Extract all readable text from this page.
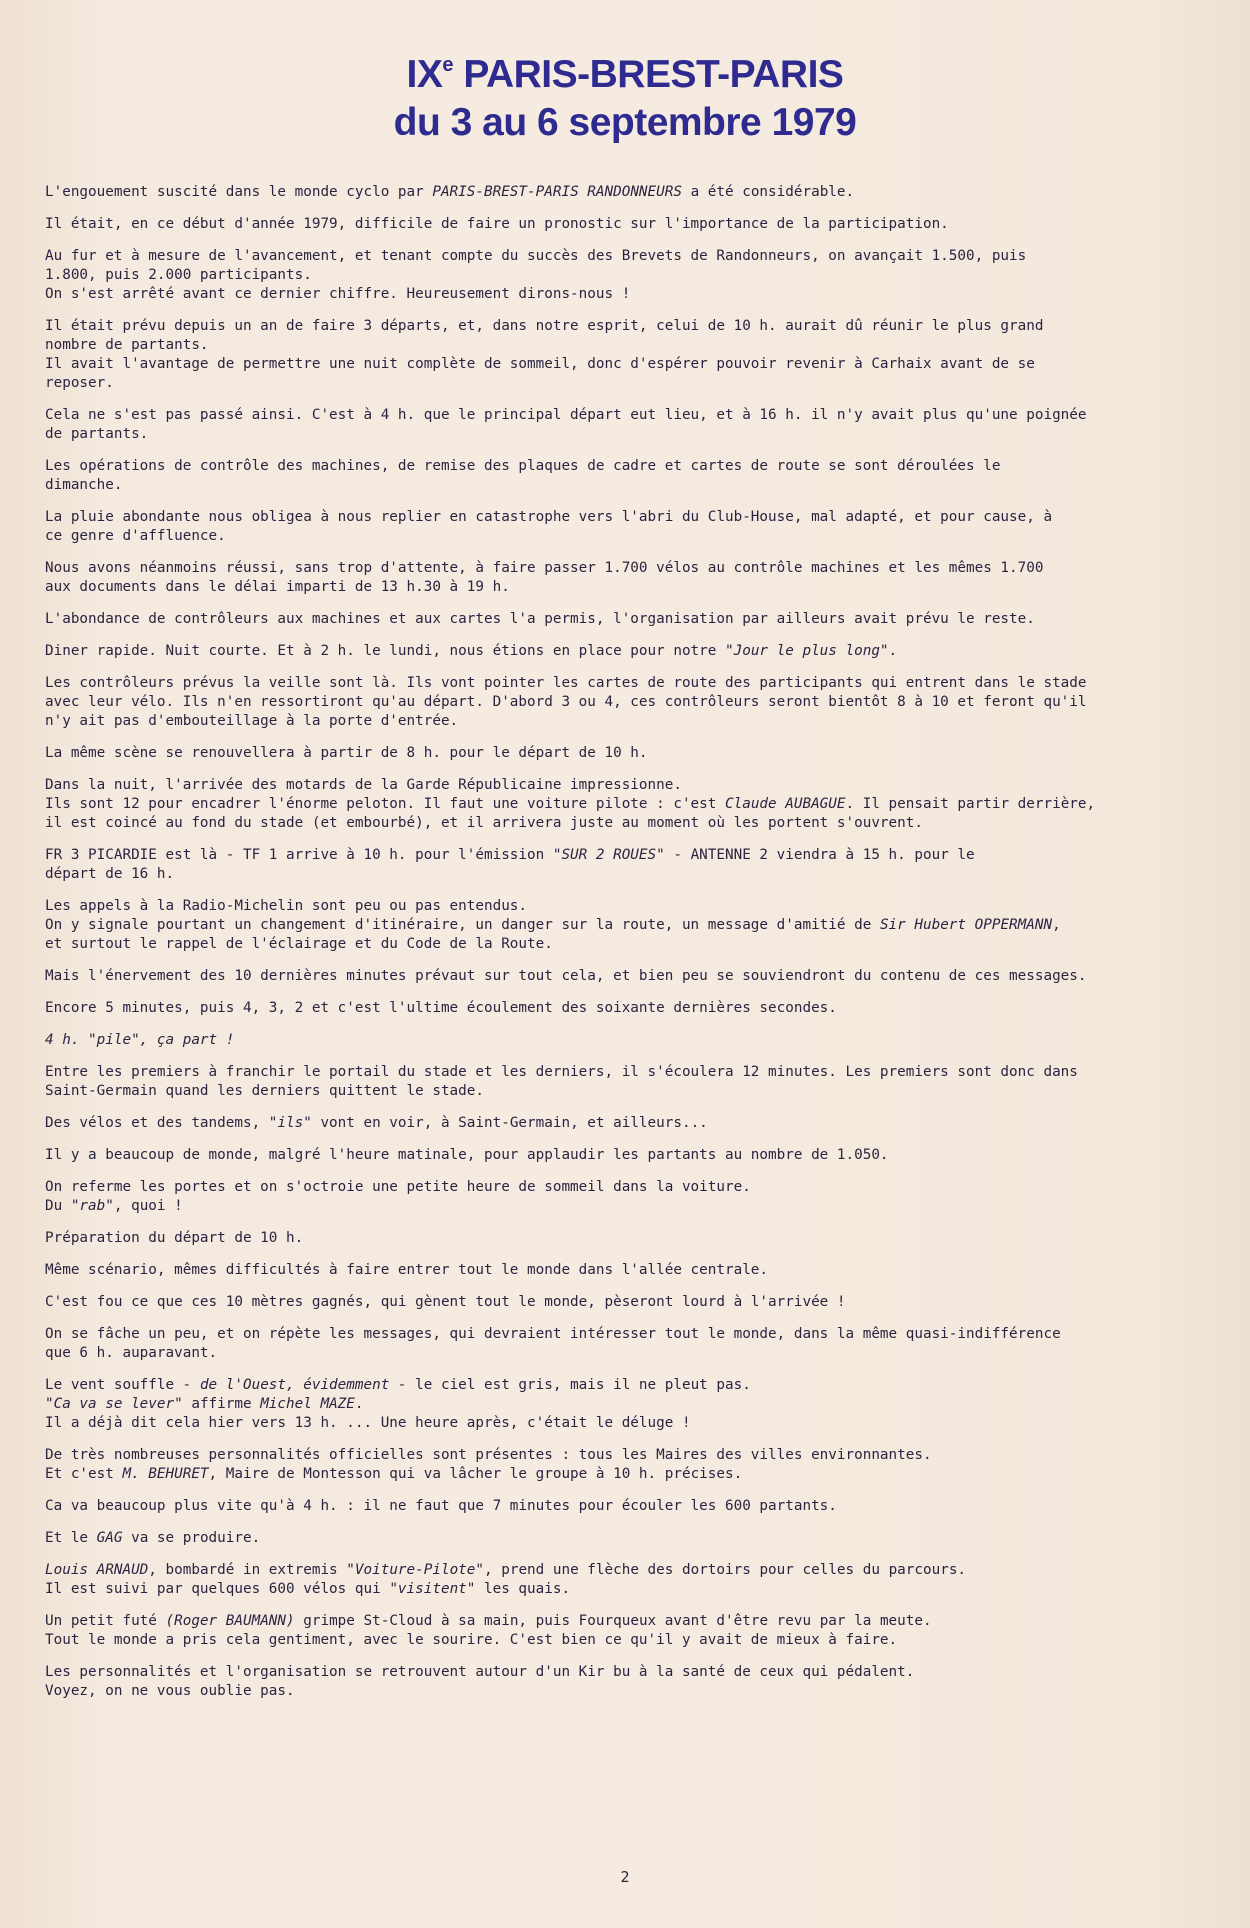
IXe PARIS-BREST-PARIS
du 3 au 6 septembre 1979

L'engouement suscité dans le monde cyclo par PARIS-BREST-PARIS RANDONNEURS a été considérable.

Il était, en ce début d'année 1979, difficile de faire un pronostic sur l'importance de la participation.

Au fur et à mesure de l'avancement, et tenant compte du succès des Brevets de Randonneurs, on avançait 1.500, puis
1.800, puis 2.000 participants.
On s'est arrêté avant ce dernier chiffre. Heureusement dirons-nous !

Il était prévu depuis un an de faire 3 départs, et, dans notre esprit, celui de 10 h. aurait dû réunir le plus grand
nombre de partants.
Il avait l'avantage de permettre une nuit complète de sommeil, donc d'espérer pouvoir revenir à Carhaix avant de se
reposer.

Cela ne s'est pas passé ainsi. C'est à 4 h. que le principal départ eut lieu, et à 16 h. il n'y avait plus qu'une poignée
de partants.

Les opérations de contrôle des machines, de remise des plaques de cadre et cartes de route se sont déroulées le
dimanche.

La pluie abondante nous obligea à nous replier en catastrophe vers l'abri du Club-House, mal adapté, et pour cause, à
ce genre d'affluence.

Nous avons néanmoins réussi, sans trop d'attente, à faire passer 1.700 vélos au contrôle machines et les mêmes 1.700
aux documents dans le délai imparti de 13 h.30 à 19 h.

L'abondance de contrôleurs aux machines et aux cartes l'a permis, l'organisation par ailleurs avait prévu le reste.

Diner rapide. Nuit courte. Et à 2 h. le lundi, nous étions en place pour notre "Jour le plus long".

Les contrôleurs prévus la veille sont là. Ils vont pointer les cartes de route des participants qui entrent dans le stade
avec leur vélo. Ils n'en ressortiront qu'au départ. D'abord 3 ou 4, ces contrôleurs seront bientôt 8 à 10 et feront qu'il
n'y ait pas d'embouteillage à la porte d'entrée.

La même scène se renouvellera à partir de 8 h. pour le départ de 10 h.

Dans la nuit, l'arrivée des motards de la Garde Républicaine impressionne.
Ils sont 12 pour encadrer l'énorme peloton. Il faut une voiture pilote : c'est Claude AUBAGUE. Il pensait partir derrière,
il est coincé au fond du stade (et embourbé), et il arrivera juste au moment où les portent s'ouvrent.

FR 3 PICARDIE est là - TF 1 arrive à 10 h. pour l'émission "SUR 2 ROUES" - ANTENNE 2 viendra à 15 h. pour le
départ de 16 h.

Les appels à la Radio-Michelin sont peu ou pas entendus.
On y signale pourtant un changement d'itinéraire, un danger sur la route, un message d'amitié de Sir Hubert OPPERMANN,
et surtout le rappel de l'éclairage et du Code de la Route.

Mais l'énervement des 10 dernières minutes prévaut sur tout cela, et bien peu se souviendront du contenu de ces messages.

Encore 5 minutes, puis 4, 3, 2 et c'est l'ultime écoulement des soixante dernières secondes.

4 h. "pile", ça part !

Entre les premiers à franchir le portail du stade et les derniers, il s'écoulera 12 minutes. Les premiers sont donc dans
Saint-Germain quand les derniers quittent le stade.

Des vélos et des tandems, "ils" vont en voir, à Saint-Germain, et ailleurs...

Il y a beaucoup de monde, malgré l'heure matinale, pour applaudir les partants au nombre de 1.050.

On referme les portes et on s'octroie une petite heure de sommeil dans la voiture.
Du "rab", quoi !

Préparation du départ de 10 h.

Même scénario, mêmes difficultés à faire entrer tout le monde dans l'allée centrale.

C'est fou ce que ces 10 mètres gagnés, qui gènent tout le monde, pèseront lourd à l'arrivée !

On se fâche un peu, et on répète les messages, qui devraient intéresser tout le monde, dans la même quasi-indifférence
que 6 h. auparavant.

Le vent souffle - de l'Ouest, évidemment - le ciel est gris, mais il ne pleut pas.
"Ca va se lever" affirme Michel MAZE.
Il a déjà dit cela hier vers 13 h. ... Une heure après, c'était le déluge !

De très nombreuses personnalités officielles sont présentes : tous les Maires des villes environnantes.
Et c'est M. BEHURET, Maire de Montesson qui va lâcher le groupe à 10 h. précises.

Ca va beaucoup plus vite qu'à 4 h. : il ne faut que 7 minutes pour écouler les 600 partants.

Et le GAG va se produire.

Louis ARNAUD, bombardé in extremis "Voiture-Pilote", prend une flèche des dortoirs pour celles du parcours.
Il est suivi par quelques 600 vélos qui "visitent" les quais.

Un petit futé (Roger BAUMANN) grimpe St-Cloud à sa main, puis Fourqueux avant d'être revu par la meute.
Tout le monde a pris cela gentiment, avec le sourire. C'est bien ce qu'il y avait de mieux à faire.

Les personnalités et l'organisation se retrouvent autour d'un Kir bu à la santé de ceux qui pédalent.
Voyez, on ne vous oublie pas.

2
